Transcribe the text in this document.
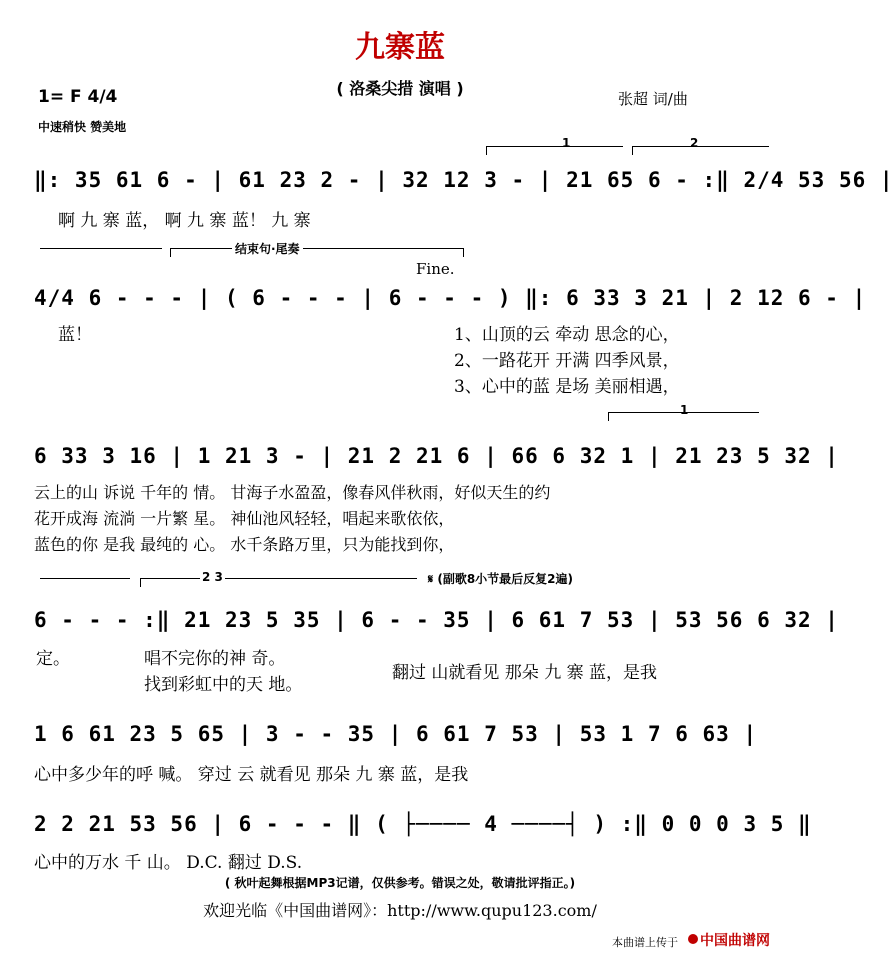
九寨蓝
( 洛桑尖措 演唱 )
1= F 4/4
中速稍快 赞美地
张超 词/曲
1	2
‖: 35 61 6 - | 61 23 2 - | 32 12 3 - | 21 65 6 - :‖ 2/4 53 56 |
啊 九 寨 蓝， 啊 九 寨 蓝！ 九 寨
结束句·尾奏
Fine.
4/4 6 - - - | ( 6 - - - | 6 - - - ) ‖: 6 33 3 21 | 2 12 6 - |
蓝！	1、山顶的云 牵动 思念的心，
2、一路花开 开满 四季风景，
3、心中的蓝 是场 美丽相遇，
1
6 33 3 16 | 1 21 3 - | 21 2 21 6 | 66 6 32 1 | 21 23 5 32 |
云上的山 诉说 千年的 情。 甘海子水盈盈，像春风伴秋雨，好似天生的约
花开成海 流淌 一片繁 星。 神仙池风轻轻，唱起来歌依依，
蓝色的你 是我 最纯的 心。 水千条路万里，只为能找到你，
2 3	𝄋 (副歌8小节最后反复2遍)
6 - - - :‖ 21 23 5 35 | 6 - - 35 | 6 61 7 53 | 53 56 6 32 |
定。	唱不完你的神 奇。
找到彩虹中的天 地。
翻过 山就看见 那朵 九 寨 蓝，是我
1 6 61 23 5 65 | 3 - - 35 | 6 61 7 53 | 53 1 7 6 63 |
心中多少年的呼 喊。 穿过 云 就看见 那朵 九 寨 蓝，是我
2 2 21 53 56 | 6 - - - ‖ ( ├──── 4 ────┤ ) :‖ 0 0 0 3 5 ‖
心中的万水 千 山。 D.C. 翻过 D.S.
( 秋叶起舞根据MP3记谱，仅供参考。错误之处，敬请批评指正。)
欢迎光临《中国曲谱网》：http://www.qupu123.com/
本曲谱上传于 中国曲谱网
